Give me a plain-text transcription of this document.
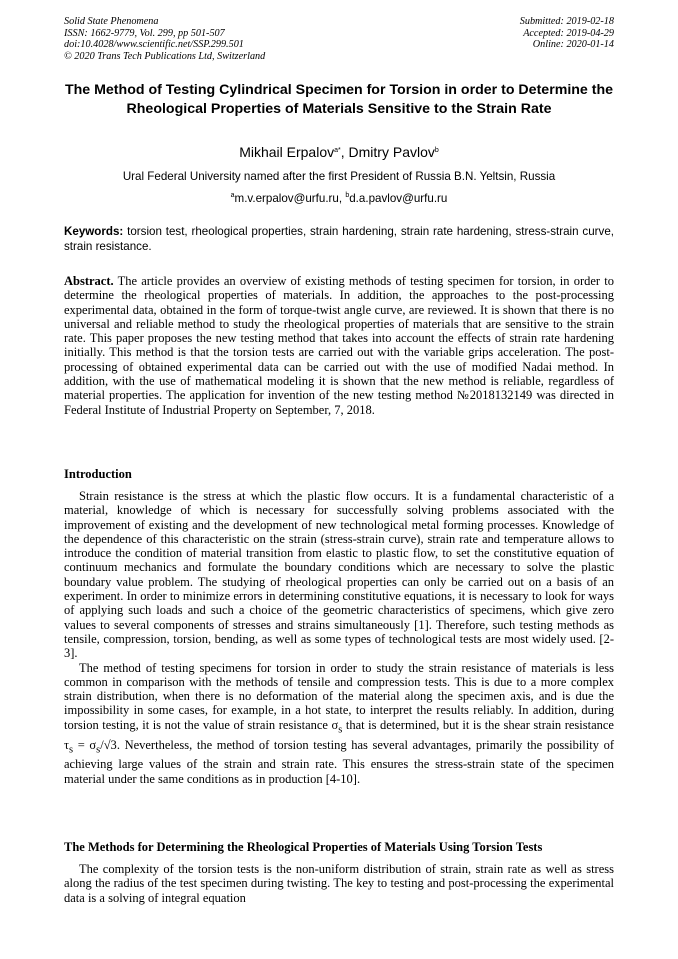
Solid State Phenomena
ISSN: 1662-9779, Vol. 299, pp 501-507
doi:10.4028/www.scientific.net/SSP.299.501
© 2020 Trans Tech Publications Ltd, Switzerland
Submitted: 2019-02-18
Accepted: 2019-04-29
Online: 2020-01-14
The Method of Testing Cylindrical Specimen for Torsion in order to Determine the Rheological Properties of Materials Sensitive to the Strain Rate
Mikhail Erpalov$^{a*}$, Dmitry Pavlov$^b$
Ural Federal University named after the first President of Russia B.N. Yeltsin, Russia
$^a$m.v.erpalov@urfu.ru, $^b$d.a.pavlov@urfu.ru
Keywords: torsion test, rheological properties, strain hardening, strain rate hardening, stress-strain curve, strain resistance.

Abstract. The article provides an overview of existing methods of testing specimen for torsion, in order to determine the rheological properties of materials. In addition, the approaches to the post-processing experimental data, obtained in the form of torque-twist angle curve, are reviewed. It is shown that there is no universal and reliable method to study the rheological properties of materials that are sensitive to the strain rate. This paper proposes the new testing method that takes into account the effects of strain rate hardening initially. This method is that the torsion tests are carried out with the variable grips acceleration. The post-processing of obtained experimental data can be carried out with the use of modified Nadai method. In addition, with the use of mathematical modeling it is shown that the new method is reliable, regardless of material properties. The application for invention of the new testing method №2018132149 was directed in Federal Institute of Industrial Property on September, 7, 2018.

Introduction

Strain resistance is the stress at which the plastic flow occurs. It is a fundamental characteristic of a material, knowledge of which is necessary for successfully solving problems associated with the improvement of existing and the development of new technological metal forming processes. Knowledge of the dependence of this characteristic on the strain (stress-strain curve), strain rate and temperature allows to introduce the condition of material transition from elastic to plastic flow, to set the constitutive equation of continuum mechanics and formulate the boundary conditions which are necessary to solve the plastic boundary value problem. The studying of rheological properties can only be carried out on a basis of an experiment. In order to minimize errors in determining constitutive equations, it is necessary to look for ways of applying such loads and such a choice of the geometric characteristics of specimens, which give zero values to several components of stresses and strains simultaneously [1]. Therefore, such testing methods as tensile, compression, torsion, bending, as well as some types of technological tests are most widely used. [2-3].

The method of testing specimens for torsion in order to study the strain resistance of materials is less common in comparison with the methods of tensile and compression tests. This is due to a more complex strain distribution, when there is no deformation of the material along the specimen axis, and is due the impossibility in some cases, for example, in a hot state, to interpret the results reliably. In addition, during torsion testing, it is not the value of strain resistance $\sigma_s$ that is determined, but it is the shear strain resistance $\tau_s = \sigma_s/√3$. Nevertheless, the method of torsion testing has several advantages, primarily the possibility of achieving large values of the strain and strain rate. This ensures the stress-strain state of the specimen material under the same conditions as in production [4-10].

The Methods for Determining the Rheological Properties of Materials Using Torsion Tests

The complexity of the torsion tests is the non-uniform distribution of strain, strain rate as well as stress along the radius of the test specimen during twisting. The key to testing and post-processing the experimental data is a solving of integral equation
